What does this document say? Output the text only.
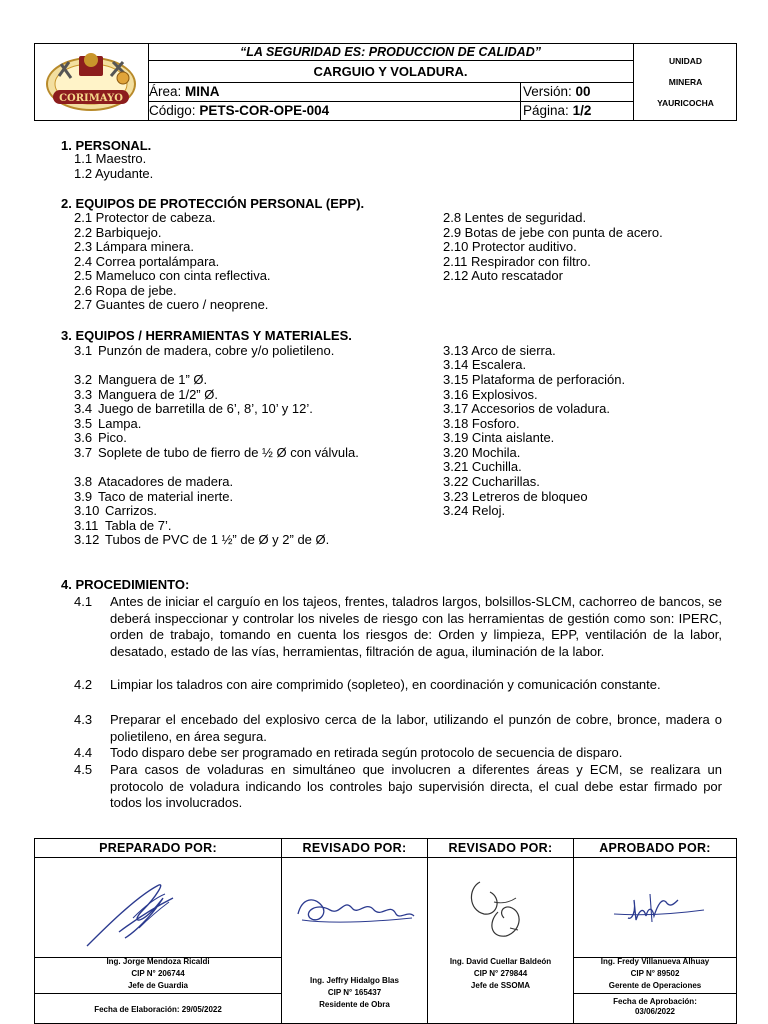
CORIMAYO
“LA SEGURIDAD ES: PRODUCCION DE CALIDAD”
CARGUIO Y VOLADURA.
Área: MINA	Versión: 00
Código: PETS-COR-OPE-004	Página: 1/2
UNIDAD
MINERA
YAURICOCHA
1. PERSONAL.
1.1 Maestro.
1.2 Ayudante.
2. EQUIPOS DE PROTECCIÓN PERSONAL (EPP).
2.1 Protector de cabeza.
2.2 Barbiquejo.
2.3 Lámpara minera.
2.4 Correa portalámpara.
2.5 Mameluco con cinta reflectiva.
2.6 Ropa de jebe.
2.7 Guantes de cuero / neoprene.
2.8 Lentes de seguridad.
2.9 Botas de jebe con punta de acero.
2.10 Protector auditivo.
2.11 Respirador con filtro.
2.12 Auto rescatador
3. EQUIPOS / HERRAMIENTAS Y MATERIALES.
3.1 Punzón de madera, cobre y/o polietileno.
3.2 Manguera de 1” Ø.
3.3 Manguera de 1/2” Ø.
3.4 Juego de barretilla de 6’, 8’, 10’ y 12’.
3.5 Lampa.
3.6 Pico.
3.7 Soplete de tubo de fierro de ½ Ø con válvula.
3.8 Atacadores de madera.
3.9 Taco de material inerte.
3.10 Carrizos.
3.11 Tabla de 7’.
3.12 Tubos de PVC de 1 ½” de Ø y 2” de Ø.
3.13 Arco de sierra.
3.14 Escalera.
3.15 Plataforma de perforación.
3.16 Explosivos.
3.17 Accesorios de voladura.
3.18 Fosforo.
3.19 Cinta aislante.
3.20 Mochila.
3.21 Cuchilla.
3.22 Cucharillas.
3.23 Letreros de bloqueo
3.24 Reloj.
4. PROCEDIMIENTO:
4.1 Antes de iniciar el carguío en los tajeos, frentes, taladros largos, bolsillos-SLCM, cachorreo de bancos, se deberá inspeccionar y controlar los niveles de riesgo con las herramientas de gestión como son: IPERC, orden de trabajo, tomando en cuenta los riesgos de: Orden y limpieza, EPP, ventilación de la labor, desatado, estado de las vías, herramientas, filtración de agua, iluminación de la labor.
4.2 Limpiar los taladros con aire comprimido (sopleteo), en coordinación y comunicación constante.
4.3 Preparar el encebado del explosivo cerca de la labor, utilizando el punzón de cobre, bronce, madera o polietileno, en área segura.
4.4 Todo disparo debe ser programado en retirada según protocolo de secuencia de disparo.
4.5 Para casos de voladuras en simultáneo que involucren a diferentes áreas y ECM, se realizara un protocolo de voladura indicando los controles bajo supervisión directa, el cual debe estar firmado por todos los involucrados.
PREPARADO POR:
Ing. Jorge Mendoza Ricaldi
CIP N° 206744
Jefe de Guardia
Fecha de Elaboración: 29/05/2022
REVISADO POR:
Ing. Jeffry Hidalgo Blas
CIP N° 165437
Residente de Obra
REVISADO POR:
Ing. David Cuellar Baldeón
CIP N° 279844
Jefe de SSOMA
APROBADO POR:
Ing. Fredy Villanueva Alhuay
CIP N° 89502
Gerente de Operaciones
Fecha de Aprobación:
03/06/2022
